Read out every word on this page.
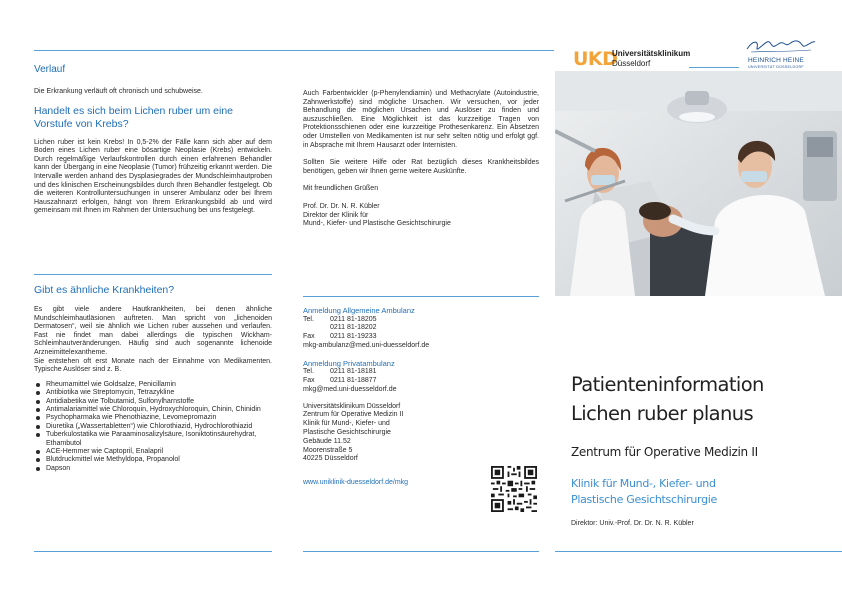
Verlauf
Die Erkrankung verläuft oft chronisch und schubweise.
Handelt es sich beim Lichen ruber um eine Vorstufe von Krebs?
Lichen ruber ist kein Krebs! In 0,5-2% der Fälle kann sich aber auf dem Boden eines Lichen ruber eine bösartige Neoplasie (Krebs) entwickeln. Durch regelmäßige Verlaufskontrollen durch einen erfahrenen Behandler kann der Übergang in eine Neoplasie (Tumor) frühzeitig erkannt werden. Die Intervalle werden anhand des Dysplasiegrades der Mundschleimhautproben und des klinischen Erscheinungsbildes durch Ihren Behandler festgelegt. Ob die weiteren Kontrolluntersuchungen in unserer Ambulanz oder bei Ihrem Hauszahnarzt erfolgen, hängt von Ihrem Erkrankungsbild ab und wird gemeinsam mit Ihnen im Rahmen der Untersuchung bei uns festgelegt.
Gibt es ähnliche Krankheiten?
Es gibt viele andere Hautkrankheiten, bei denen ähnliche Mundschleimhautläsionen auftreten. Man spricht von „lichenoiden Dermatosen“, weil sie ähnlich wie Lichen ruber aussehen und verlaufen. Fast nie findet man dabei allerdings die typischen Wickham-Schleimhautveränderungen. Häufig sind auch sogenannte lichenoide Arzneimittelexantheme.
Sie entstehen oft erst Monate nach der Einnahme von Medikamenten. Typische Auslöser sind z. B.
Rheumamittel wie Goldsalze, Penicillamin
Antibiotika wie Streptomycin, Tetrazykline
Antidiabetika wie Tolbutamid, Sulfonylharnstoffe
Antimalariamittel wie Chloroquin, Hydroxychloroquin, Chinin, Chinidin
Psychopharmaka wie Phenothiazine, Levomepromazin
Diuretika („Wassertabletten“) wie Chlorothiazid, Hydrochlorothiazid
Tuberkulostatika wie Paraaminosalizylsäure, Isoniktotinsäurehydrat, Ethambutol
ACE-Hemmer wie Captopril, Enalapril
Blutdruckmittel wie Methyldopa, Propanolol
Dapson
Auch Farbentwickler (p-Phenylendiamin) und Methacrylate (Autoindustrie, Zahnwerkstoffe) sind mögliche Ursachen. Wir versuchen, vor jeder Behandlung die möglichen Ursachen und Auslöser zu finden und auszuschließen. Eine Möglichkeit ist das kurzzeitige Tragen von Protektionsschienen oder eine kurzzeitige Prothesenkarenz. Ein Absetzen oder Umstellen von Medikamenten ist nur sehr selten nötig und erfolgt ggf. in Absprache mit Ihrem Hausarzt oder Internisten.
Sollten Sie weitere Hilfe oder Rat bezüglich dieses Krankheitsbildes benötigen, geben wir Ihnen gerne weitere Auskünfte.
Mit freundlichen Grüßen
Prof. Dr. Dr. N. R. Kübler
Direktor der Klinik für
Mund-, Kiefer- und Plastische Gesichtschirurgie
Anmeldung Allgemeine Ambulanz
Tel.	0211 81-18205
0211 81-18202
Fax	0211 81-19233
mkg-ambulanz@med.uni-duesseldorf.de
Anmeldung Privatambulanz
Tel.	0211 81-18181
Fax	0211 81-18877
mkg@med.uni-duesseldorf.de
Universitätsklinikum Düsseldorf
Zentrum für Operative Medizin II
Klinik für Mund-, Kiefer- und
Plastische Gesichtschirurgie
Gebäude 11.52
Moorenstraße 5
40225 Düsseldorf
www.uniklinik-duesseldorf.de/mkg
UKD
Universitätsklinikum
Düsseldorf	HEINRICH HEINE
UNIVERSITÄT DÜSSELDORF
Patienteninformation
Lichen ruber planus
Zentrum für Operative Medizin II
Klinik für Mund-, Kiefer- und
Plastische Gesichtschirurgie
Direktor: Univ.-Prof. Dr. Dr. N. R. Kübler
